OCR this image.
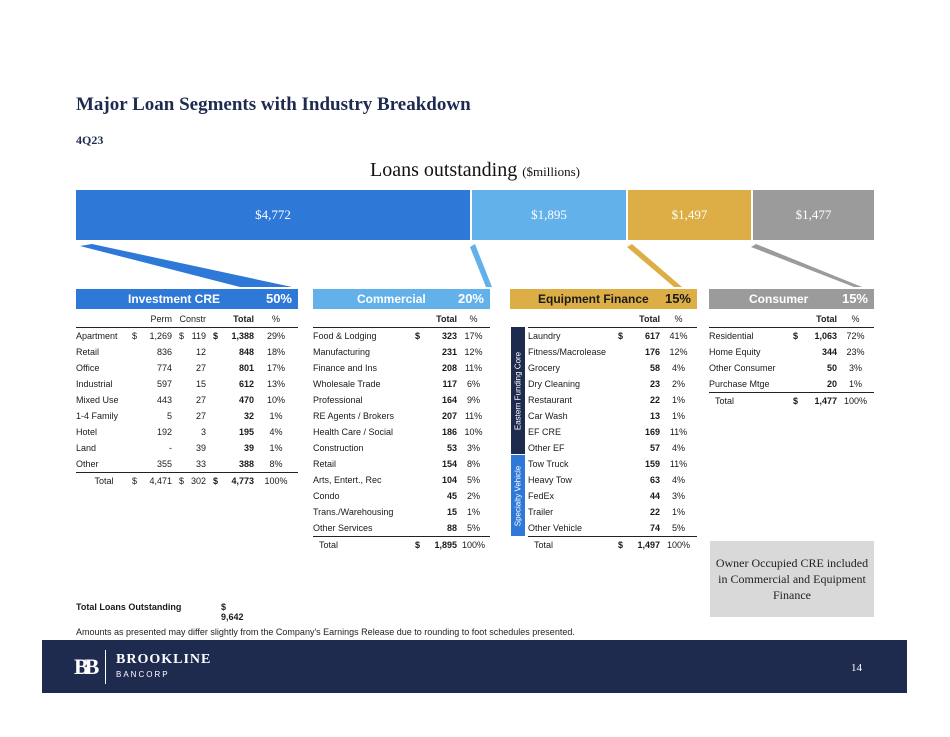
Major Loan Segments with Industry Breakdown
4Q23
Loans outstanding ($millions)
$4,772	$1,895	$1,497	$1,477
Investment CRE	50%	Commercial 20%	Equipment Finance 15%	Consumer	15%
	Perm		Constr		Total		%
Apartment	$	1,269	$	119	$	1,388	29%
Retail		836		12		848	18%
Office		774		27		801	17%
Industrial		597		15		612	13%
Mixed Use		443		27		470	10%
1-4 Family		5		27		32	1%
Hotel		192		3		195	4%
Land		-		39		39	1%
Other		355		33		388	8%
Total	$	4,471	$	302	$	4,773	100%
	Total		%
Food & Lodging	$	323	17%
Manufacturing		231	12%
Finance and Ins		208	11%
Wholesale Trade		117	6%
Professional		164	9%
RE Agents / Brokers		207	11%
Health Care / Social		186	10%
Construction		53	3%
Retail		154	8%
Arts, Entert., Rec		104	5%
Condo		45	2%
Trans./Warehousing		15	1%
Other Services		88	5%
Total	$	1,895	100%
Eastern Funding Core
Specialty Vehicle
	Total		%
Laundry	$	617	41%
Fitness/Macrolease		176	12%
Grocery		58	4%
Dry Cleaning		23	2%
Restaurant		22	1%
Car Wash		13	1%
EF CRE		169	11%
Other EF		57	4%
Tow Truck		159	11%
Heavy Tow		63	4%
FedEx		44	3%
Trailer		22	1%
Other Vehicle		74	5%
Total	$	1,497	100%
	Total		%
Residential	$	1,063	72%
Home Equity		344	23%
Other Consumer		50	3%
Purchase Mtge		20	1%
Total	$	1,477	100%
Owner Occupied CRE included in Commercial and Equipment Finance
Total Loans Outstanding	$ 9,642
Amounts as presented may differ slightly from the Company's Earnings Release due to rounding to foot schedules presented.
BB BROOKLINE
BANCORP
14
